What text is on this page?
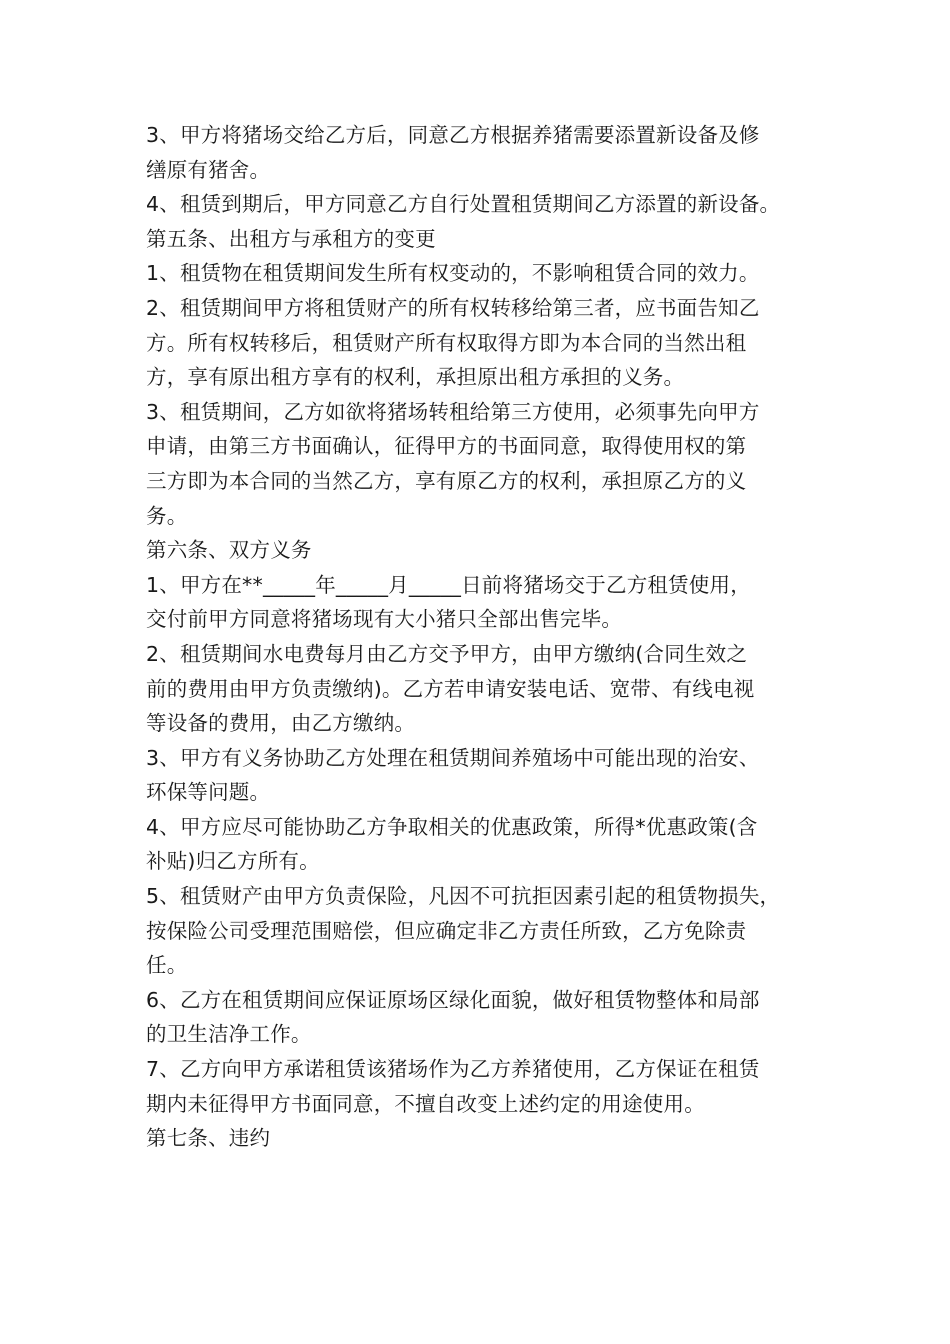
3、甲方将猪场交给乙方后，同意乙方根据养猪需要添置新设备及修
缮原有猪舍。
4、租赁到期后，甲方同意乙方自行处置租赁期间乙方添置的新设备。
第五条、出租方与承租方的变更
1、租赁物在租赁期间发生所有权变动的，不影响租赁合同的效力。
2、租赁期间甲方将租赁财产的所有权转移给第三者，应书面告知乙
方。所有权转移后，租赁财产所有权取得方即为本合同的当然出租
方，享有原出租方享有的权利，承担原出租方承担的义务。
3、租赁期间，乙方如欲将猪场转租给第三方使用，必须事先向甲方
申请，由第三方书面确认，征得甲方的书面同意，取得使用权的第
三方即为本合同的当然乙方，享有原乙方的权利，承担原乙方的义
务。
第六条、双方义务
1、甲方在**_____年_____月_____日前将猪场交于乙方租赁使用，
交付前甲方同意将猪场现有大小猪只全部出售完毕。
2、租赁期间水电费每月由乙方交予甲方，由甲方缴纳(合同生效之
前的费用由甲方负责缴纳)。乙方若申请安装电话、宽带、有线电视
等设备的费用，由乙方缴纳。
3、甲方有义务协助乙方处理在租赁期间养殖场中可能出现的治安、
环保等问题。
4、甲方应尽可能协助乙方争取相关的优惠政策，所得*优惠政策(含
补贴)归乙方所有。
5、租赁财产由甲方负责保险，凡因不可抗拒因素引起的租赁物损失，
按保险公司受理范围赔偿，但应确定非乙方责任所致，乙方免除责
任。
6、乙方在租赁期间应保证原场区绿化面貌，做好租赁物整体和局部
的卫生洁净工作。
7、乙方向甲方承诺租赁该猪场作为乙方养猪使用，乙方保证在租赁
期内未征得甲方书面同意，不擅自改变上述约定的用途使用。
第七条、违约
